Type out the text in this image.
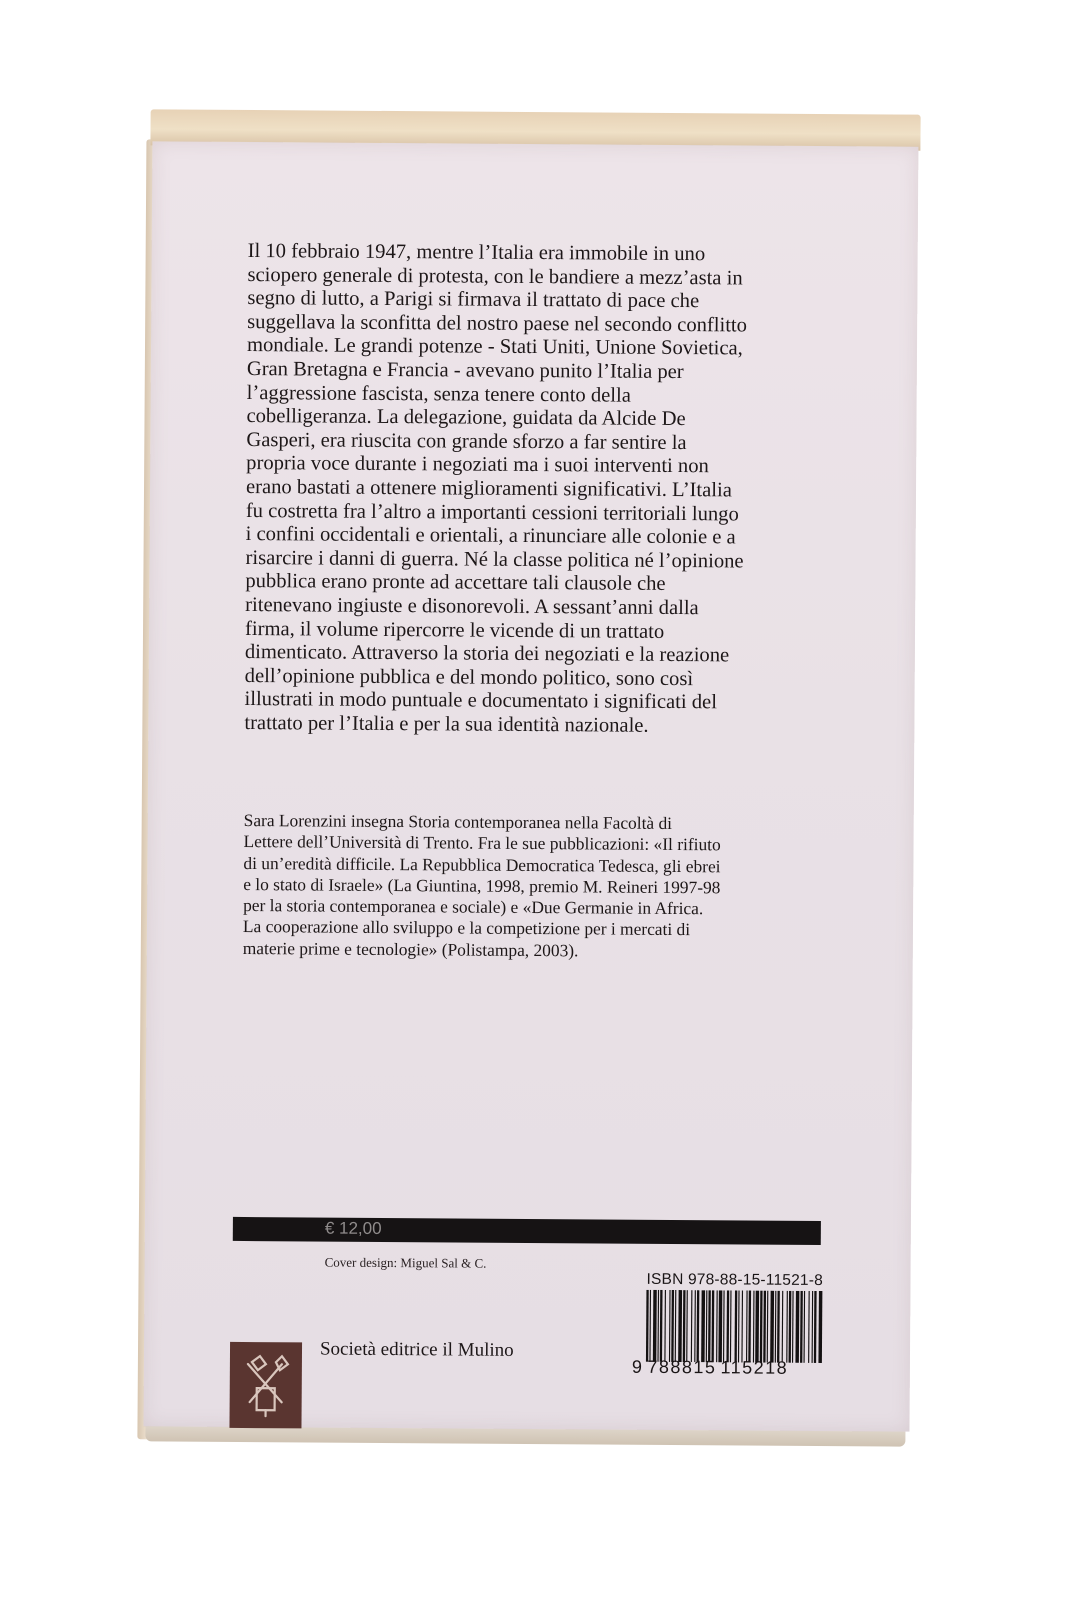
Il 10 febbraio 1947, mentre l’Italia era immobile in uno
sciopero generale di protesta, con le bandiere a mezz’asta in
segno di lutto, a Parigi si firmava il trattato di pace che
suggellava la sconfitta del nostro paese nel secondo conflitto
mondiale. Le grandi potenze - Stati Uniti, Unione Sovietica,
Gran Bretagna e Francia - avevano punito l’Italia per
l’aggressione fascista, senza tenere conto della
cobelligeranza. La delegazione, guidata da Alcide De
Gasperi, era riuscita con grande sforzo a far sentire la
propria voce durante i negoziati ma i suoi interventi non
erano bastati a ottenere miglioramenti significativi. L’Italia
fu costretta fra l’altro a importanti cessioni territoriali lungo
i confini occidentali e orientali, a rinunciare alle colonie e a
risarcire i danni di guerra. Né la classe politica né l’opinione
pubblica erano pronte ad accettare tali clausole che
ritenevano ingiuste e disonorevoli. A sessant’anni dalla
firma, il volume ripercorre le vicende di un trattato
dimenticato. Attraverso la storia dei negoziati e la reazione
dell’opinione pubblica e del mondo politico, sono così
illustrati in modo puntuale e documentato i significati del
trattato per l’Italia e per la sua identità nazionale.

Sara Lorenzini insegna Storia contemporanea nella Facoltà di
Lettere dell’Università di Trento. Fra le sue pubblicazioni: «Il rifiuto
di un’eredità difficile. La Repubblica Democratica Tedesca, gli ebrei
e lo stato di Israele» (La Giuntina, 1998, premio M. Reineri 1997-98
per la storia contemporanea e sociale) e «Due Germanie in Africa.
La cooperazione allo sviluppo e la competizione per i mercati di
materie prime e tecnologie» (Polistampa, 2003).

€ 12,00
Cover design: Miguel Sal & C.
ISBN 978-88-15-11521-8
9 788815 115218
Società editrice il Mulino
